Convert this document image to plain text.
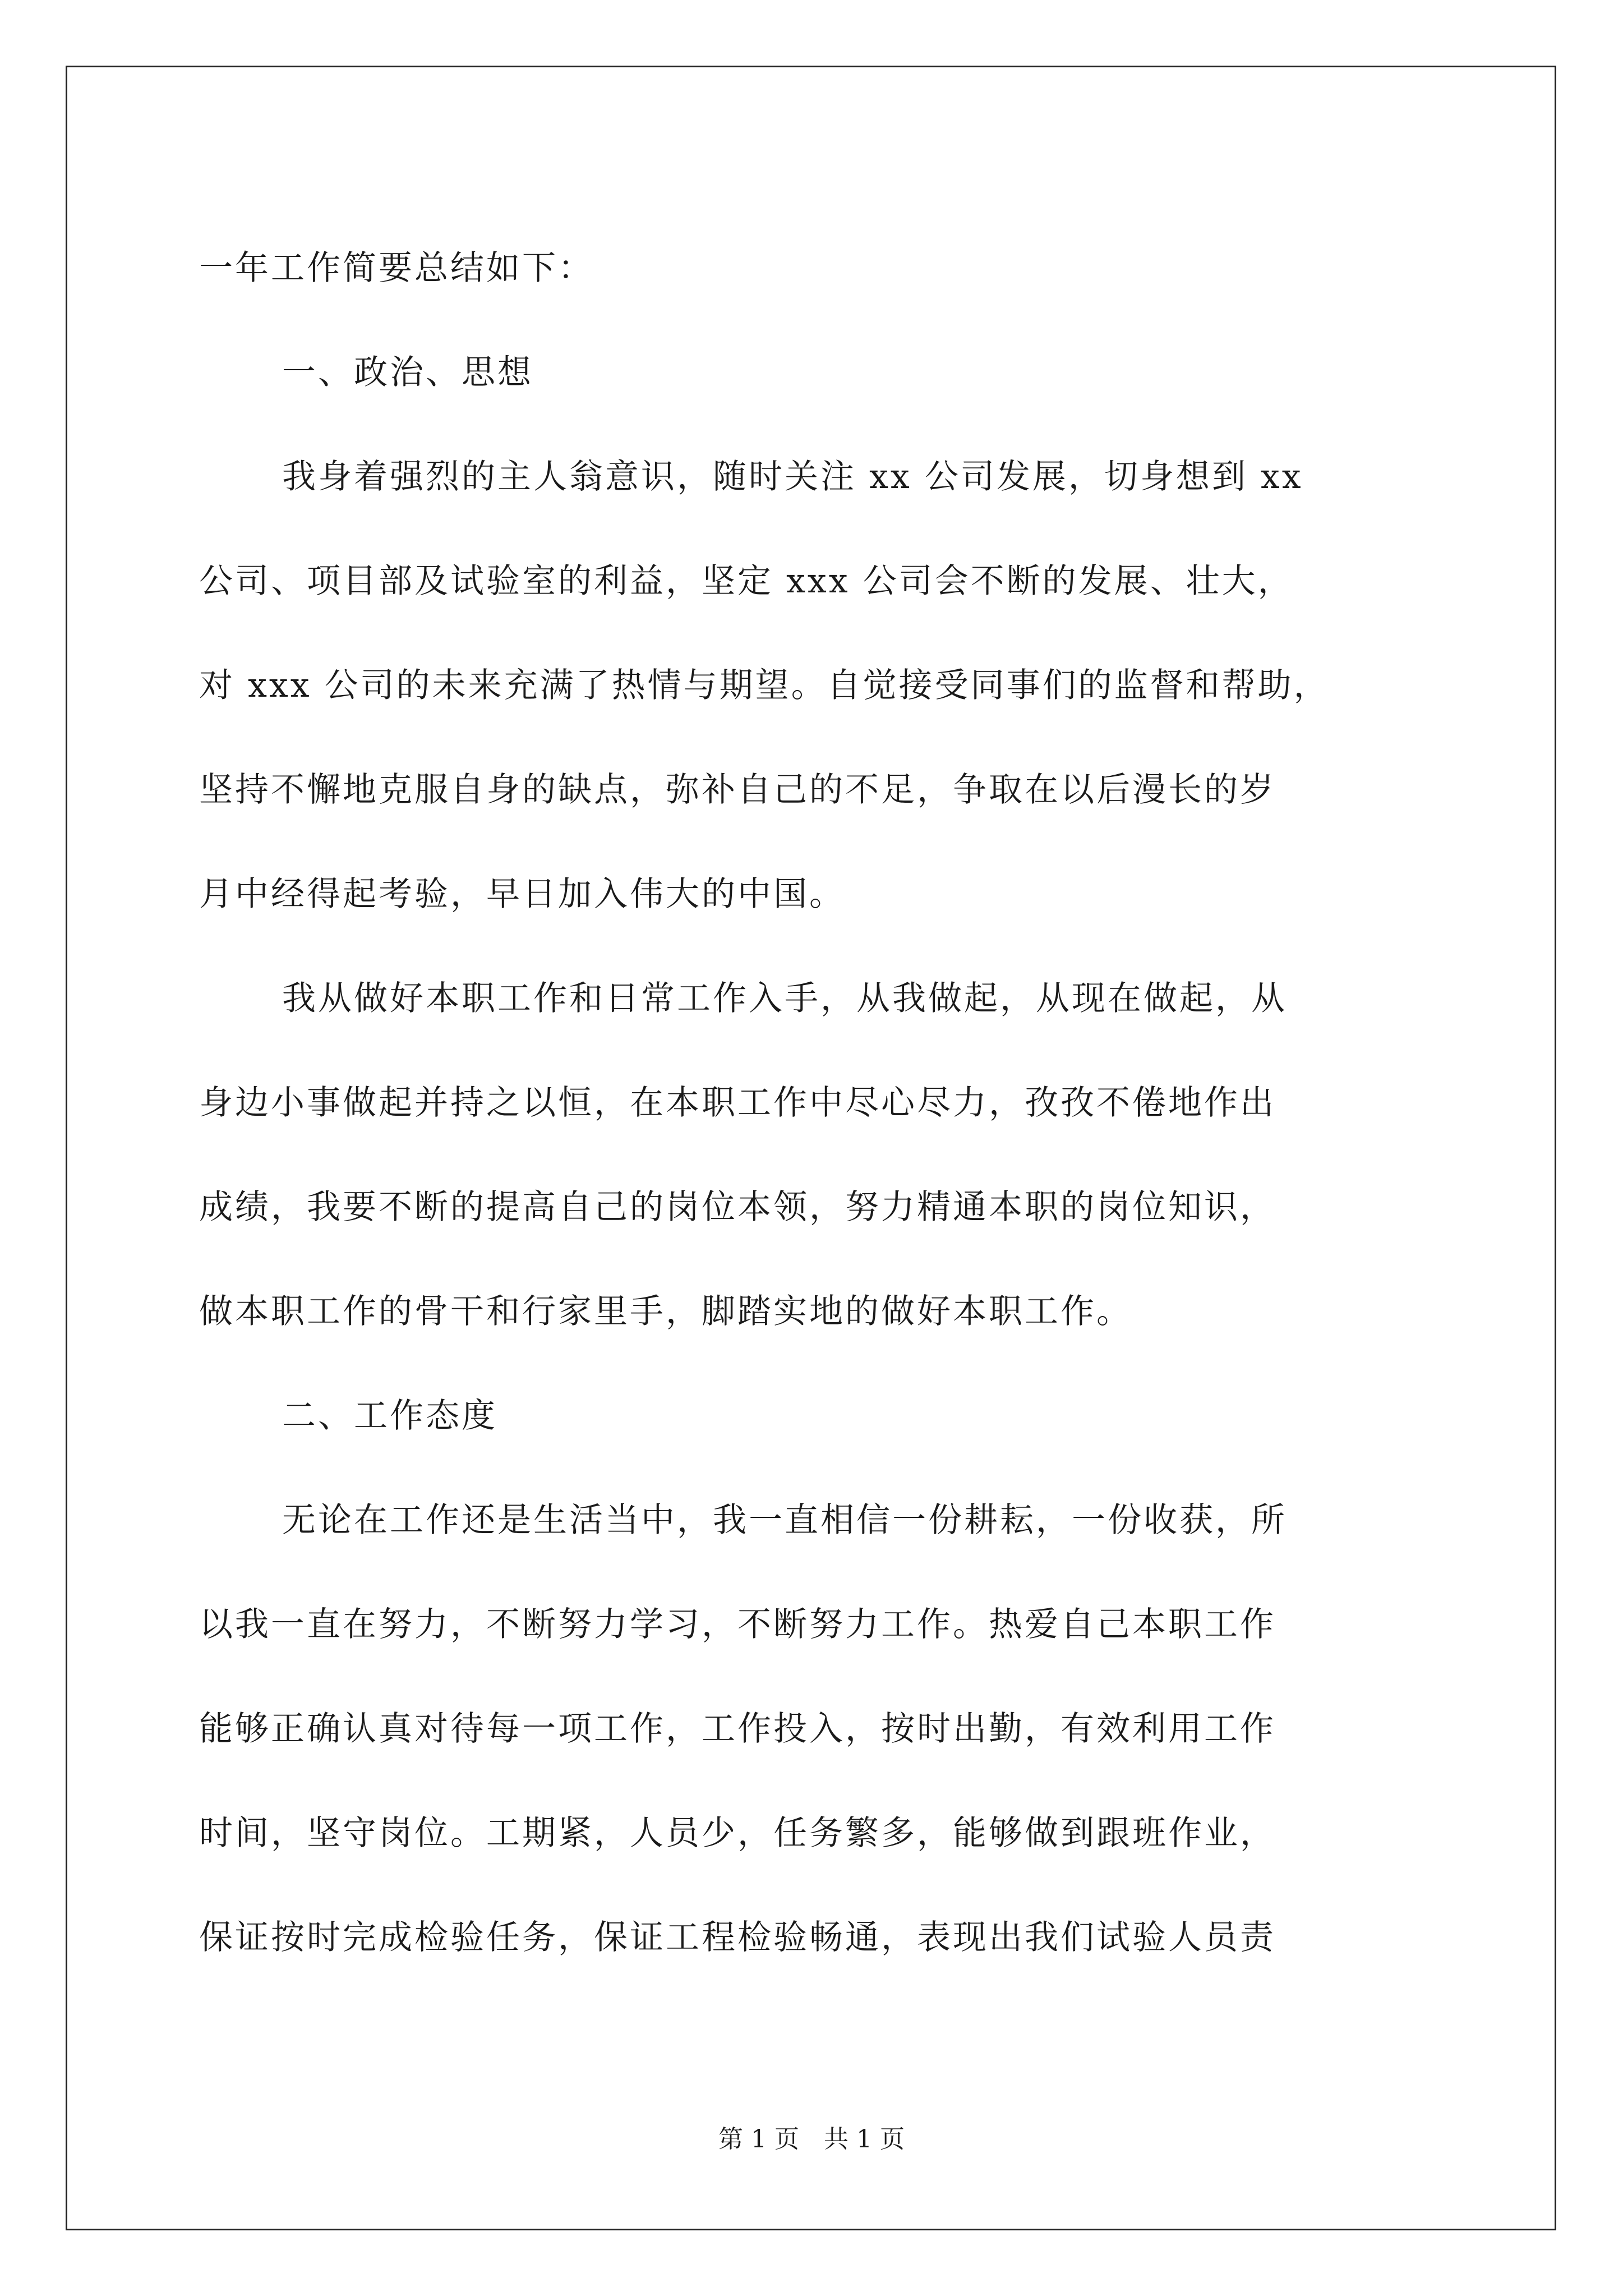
一年工作简要总结如下：
一、政治、思想
我身着强烈的主人翁意识，随时关注 xx 公司发展，切身想到 xx
公司、项目部及试验室的利益，坚定 xxx 公司会不断的发展、壮大，
对 xxx 公司的未来充满了热情与期望。自觉接受同事们的监督和帮助，
坚持不懈地克服自身的缺点，弥补自己的不足，争取在以后漫长的岁
月中经得起考验，早日加入伟大的中国。
我从做好本职工作和日常工作入手，从我做起，从现在做起，从
身边小事做起并持之以恒，在本职工作中尽心尽力，孜孜不倦地作出
成绩，我要不断的提高自己的岗位本领，努力精通本职的岗位知识，
做本职工作的骨干和行家里手，脚踏实地的做好本职工作。
二、工作态度
无论在工作还是生活当中，我一直相信一份耕耘，一份收获，所
以我一直在努力，不断努力学习，不断努力工作。热爱自己本职工作
能够正确认真对待每一项工作，工作投入，按时出勤，有效利用工作
时间，坚守岗位。工期紧，人员少，任务繁多，能够做到跟班作业，
保证按时完成检验任务，保证工程检验畅通，表现出我们试验人员责
第 1 页　共 1 页
